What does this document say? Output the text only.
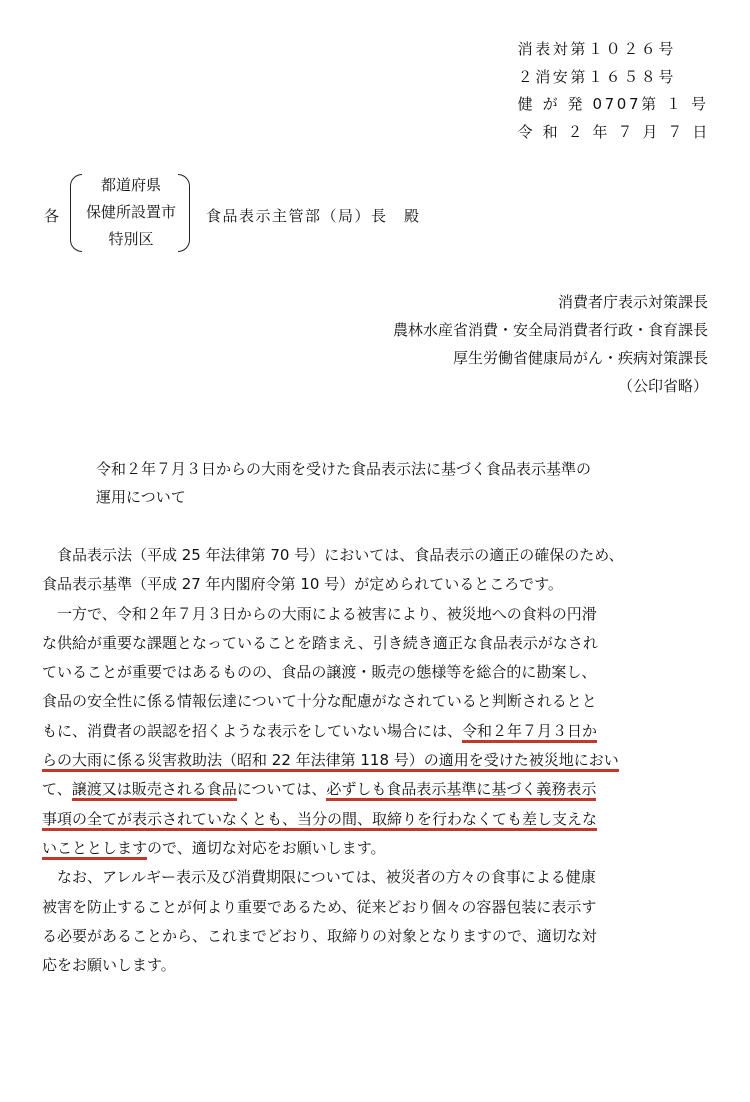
消表対第１０２６号
２消安第１６５８号
健 が 発 0707第 １ 号
令 和 ２ 年 ７ 月 ７ 日
各
都道府県
保健所設置市
特別区
食品表示主管部（局）長　殿
消費者庁表示対策課長
農林水産省消費・安全局消費者行政・食育課長
厚生労働省健康局がん・疾病対策課長
（公印省略）
令和２年７月３日からの大雨を受けた食品表示法に基づく食品表示基準の
運用について
　食品表示法（平成 25 年法律第 70 号）においては、食品表示の適正の確保のため、
食品表示基準（平成 27 年内閣府令第 10 号）が定められているところです。
　一方で、令和２年７月３日からの大雨による被害により、被災地への食料の円滑
な供給が重要な課題となっていることを踏まえ、引き続き適正な食品表示がなされ
ていることが重要ではあるものの、食品の譲渡・販売の態様等を総合的に勘案し、
食品の安全性に係る情報伝達について十分な配慮がなされていると判断されるとと
もに、消費者の誤認を招くような表示をしていない場合には、令和２年７月３日か
らの大雨に係る災害救助法（昭和 22 年法律第 118 号）の適用を受けた被災地におい
て、譲渡又は販売される食品については、必ずしも食品表示基準に基づく義務表示
事項の全てが表示されていなくとも、当分の間、取締りを行わなくても差し支えな
いこととしますので、適切な対応をお願いします。
　なお、アレルギー表示及び消費期限については、被災者の方々の食事による健康
被害を防止することが何より重要であるため、従来どおり個々の容器包装に表示す
る必要があることから、これまでどおり、取締りの対象となりますので、適切な対
応をお願いします。
